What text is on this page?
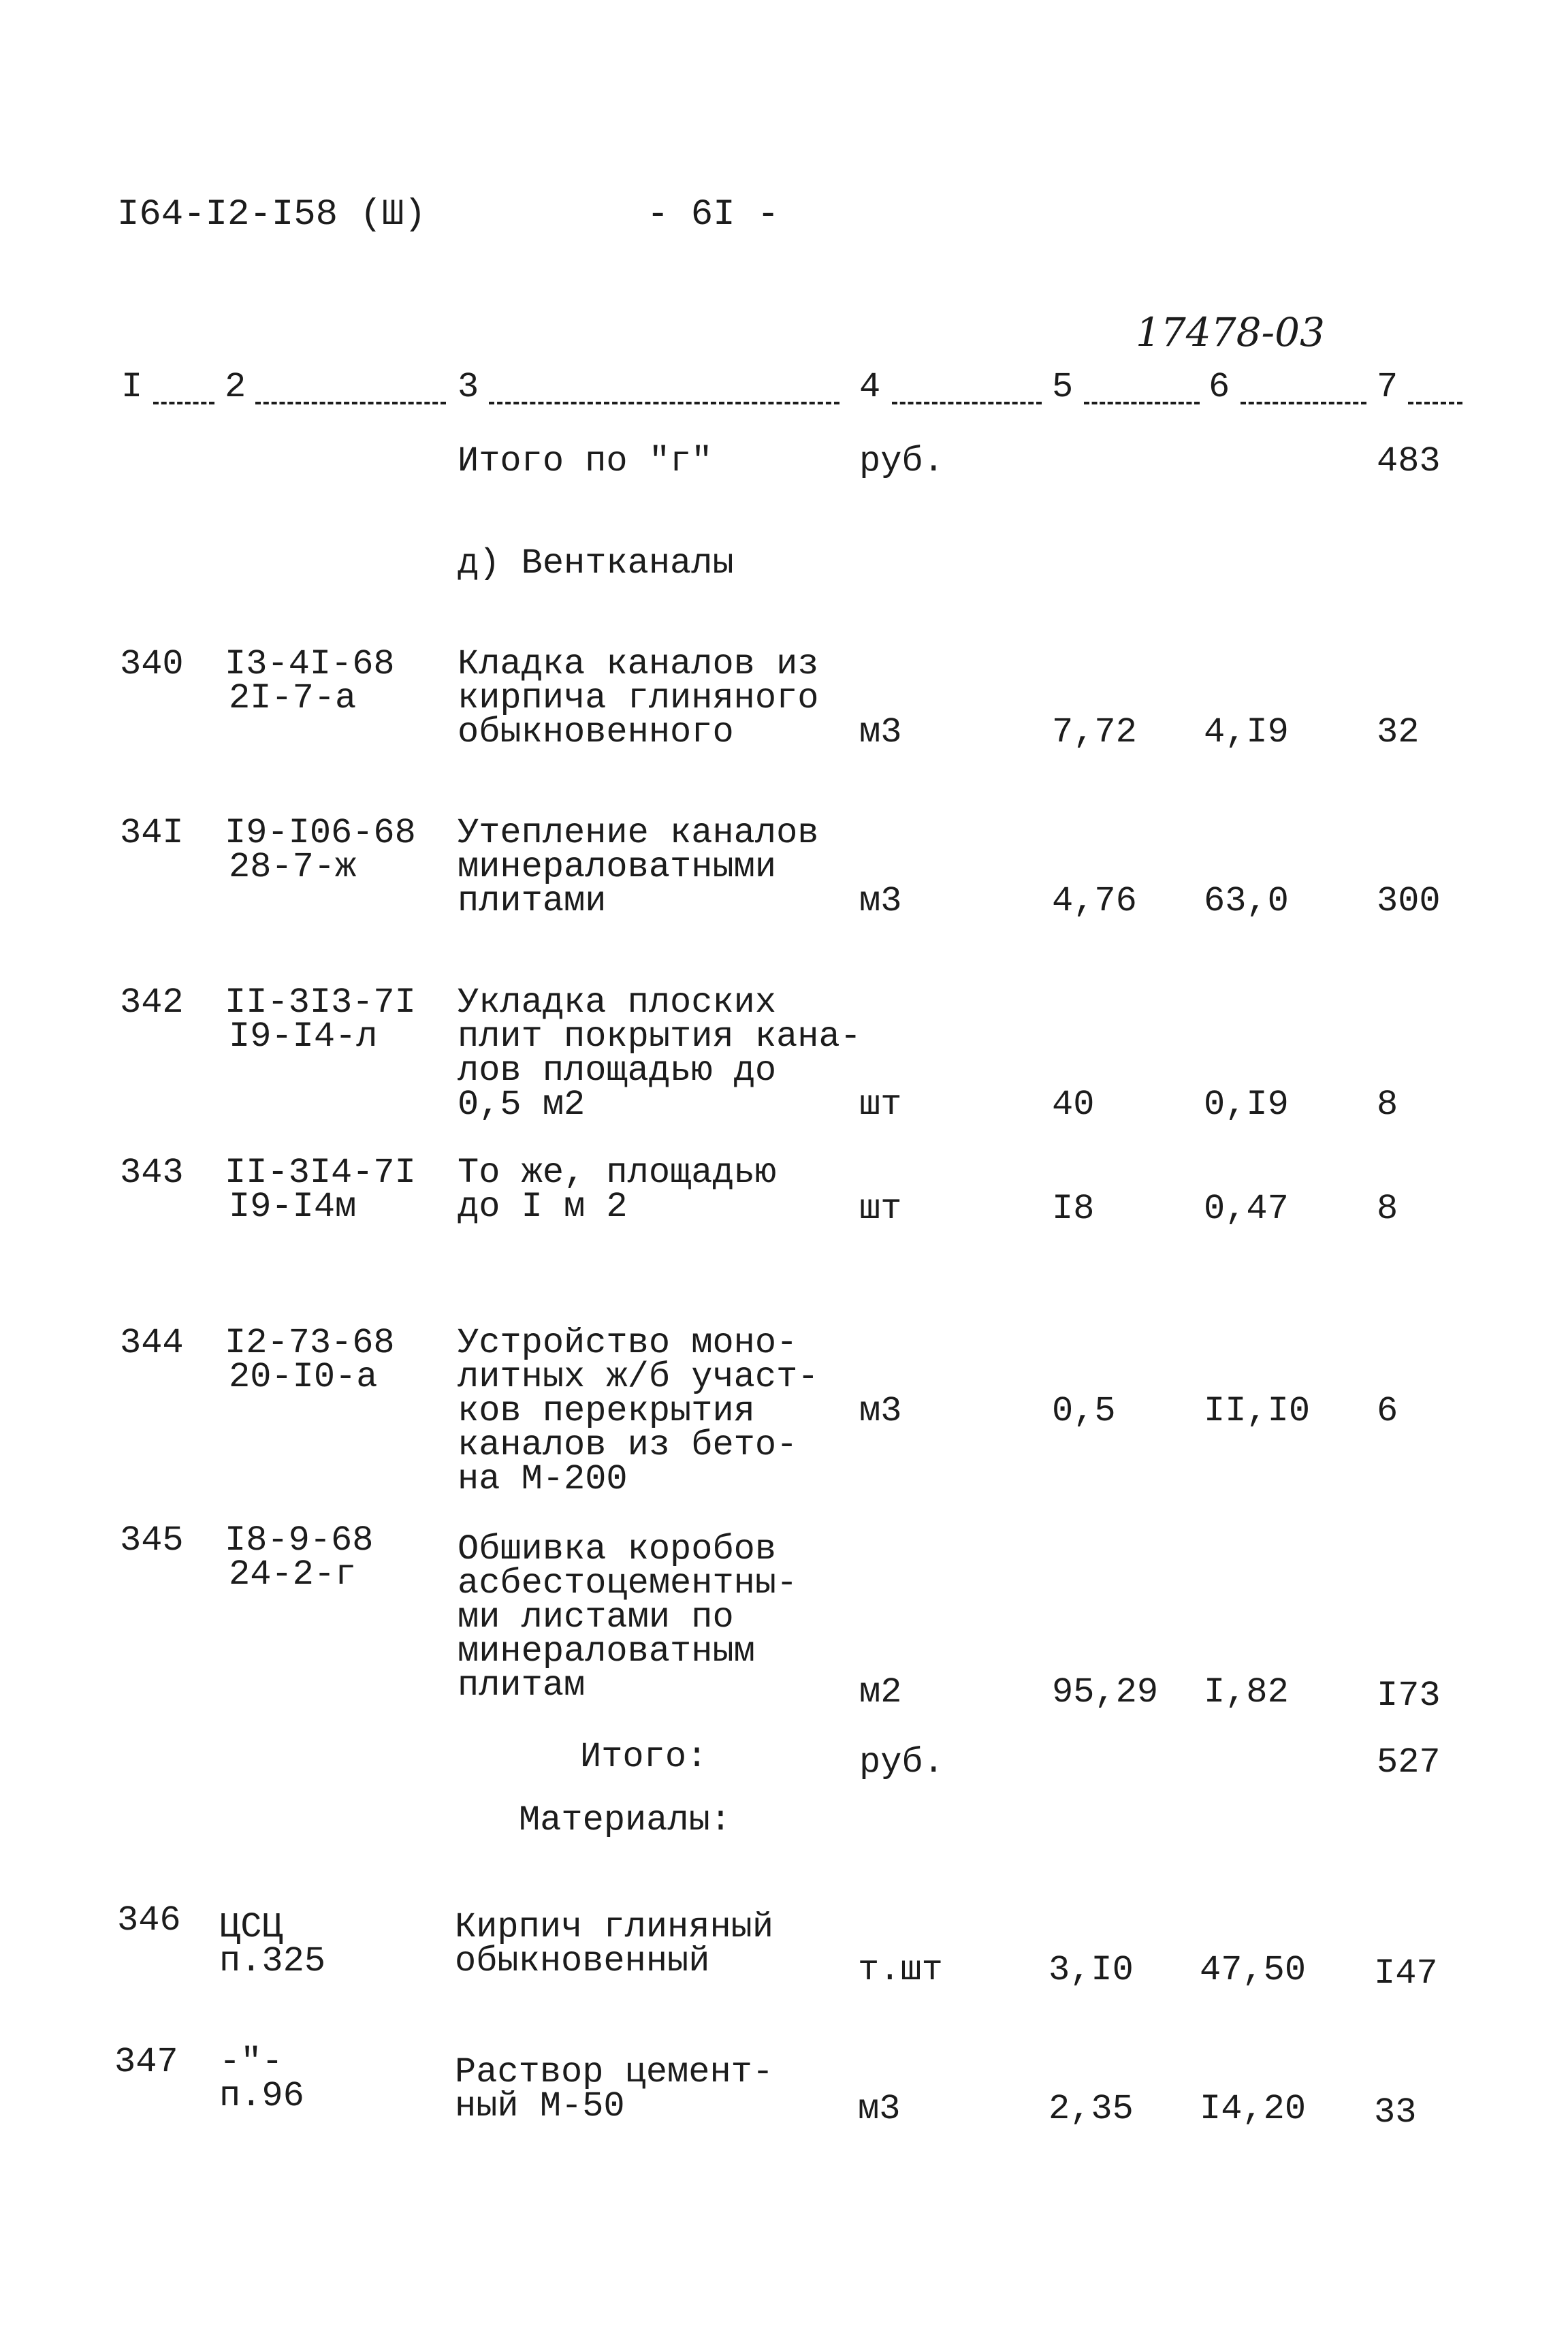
I64-I2-I58 (Ш)	- 6I -
17478-03
I 2	3	4	5	6	7
Итого по "г"	руб.	483
д) Вентканалы
340 I3-4I-68
2I-7-а
Кладка каналов из
кирпича глиняного
обыкновенного	м3	7,72 4,I9 32
34I I9-I06-68
28-7-ж
Утепление каналов
минераловатными
плитами	м3	4,76 63,0 300
342 II-3I3-7I
I9-I4-л
Укладка плоских
плит покрытия кана-
лов площадью до
0,5 м2	шт	40	0,I9 8
343 II-3I4-7I
I9-I4м
То же, площадью
до I м 2	шт	I8	0,47 8
344 I2-73-68
20-I0-а
Устройство моно-
литных ж/б участ-
ков перекрытия
каналов из бето-
на М-200
м3	0,5 II,I0 6
345 I8-9-68
24-2-г
Обшивка коробов
асбестоцементны-
ми листами по
минераловатным
плитам	м2	95,29 I,82 I73
Итого:	руб.	527
Материалы:
346 ЦСЦ
п.325
Кирпич глиняный
обыкновенный	т.шт	3,I0 47,50 I47
347 -"-
п.96
Раствор цемент-
ный М-50	м3	2,35 I4,20 33
